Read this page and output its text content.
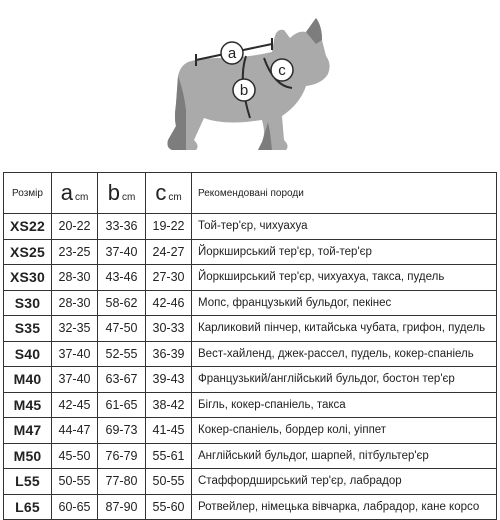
a
b
c
Розмір	a cm	b cm	c cm	Рекомендовані породи
XS22	20-22	33-36	19-22	Той-тер'єр, чихуахуа
XS25	23-25	37-40	24-27	Йоркширський тер'єр, той-тер'єр
XS30	28-30	43-46	27-30	Йоркширський тер'єр, чихуахуа, такса, пудель
S30	28-30	58-62	42-46	Мопс, французький бульдог, пекінес
S35	32-35	47-50	30-33	Карликовий пінчер, китайська чубата, грифон, пудель
S40	37-40	52-55	36-39	Вест-хайленд, джек-рассел, пудель, кокер-спаніель
M40	37-40	63-67	39-43	Французький/англійський бульдог, бостон тер'єр
M45	42-45	61-65	38-42	Бігль, кокер-спаніель, такса
M47	44-47	69-73	41-45	Кокер-спаніель, бордер колі, уіппет
M50	45-50	76-79	55-61	Англійський бульдог, шарпей, пітбультер'єр
L55	50-55	77-80	50-55	Стаффордширський тер'єр, лабрадор
L65	60-65	87-90	55-60	Ротвейлер, німецька вівчарка, лабрадор, кане корсо
